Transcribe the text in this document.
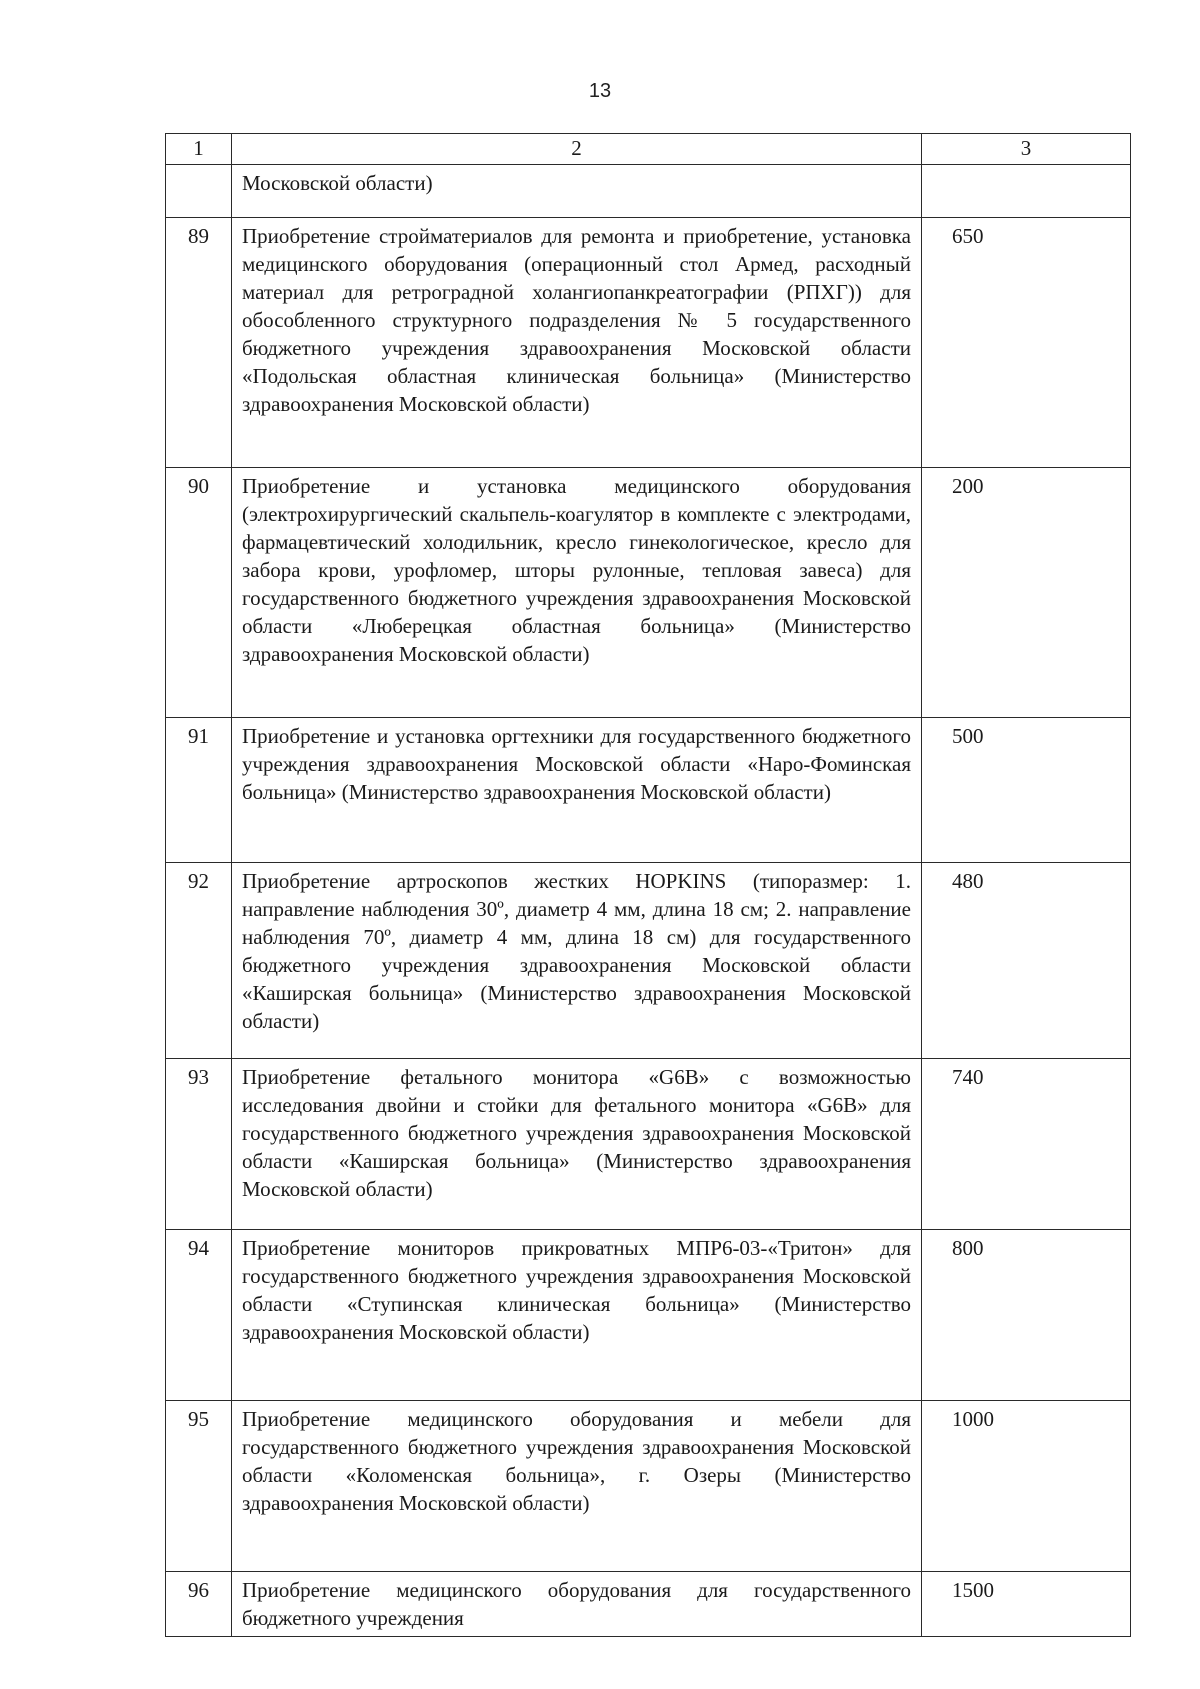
13
1	2	3
	Московской области)	
89	Приобретение стройматериалов для ремонта и приобретение, установка медицинского оборудования (операционный стол Армед, расходный материал для ретроградной холангиопанкреатографии (РПХГ)) для обособленного структурного подразделения № 5 государственного бюджетного учреждения здравоохранения Московской области «Подольская областная клиническая больница» (Министерство здравоохранения Московской области)	650
90	Приобретение и установка медицинского оборудования (электрохирургический скальпель-коагулятор в комплекте с электродами, фармацевтический холодильник, кресло гинекологическое, кресло для забора крови, урофломер, шторы рулонные, тепловая завеса) для государственного бюджетного учреждения здравоохранения Московской области «Люберецкая областная больница» (Министерство здравоохранения Московской области)	200
91	Приобретение и установка оргтехники для государственного бюджетного учреждения здравоохранения Московской области «Наро-Фоминская больница» (Министерство здравоохранения Московской области)	500
92	Приобретение артроскопов жестких HOPKINS (типоразмер: 1. направление наблюдения 30º, диаметр 4 мм, длина 18 см; 2. направление наблюдения 70º, диаметр 4 мм, длина 18 см) для государственного бюджетного учреждения здравоохранения Московской области «Каширская больница» (Министерство здравоохранения Московской области)	480
93	Приобретение фетального монитора «G6B» с возможностью исследования двойни и стойки для фетального монитора «G6B» для государственного бюджетного учреждения здравоохранения Московской области «Каширская больница» (Министерство здравоохранения Московской области)	740
94	Приобретение мониторов прикроватных МПР6-03-«Тритон» для государственного бюджетного учреждения здравоохранения Московской области «Ступинская клиническая больница» (Министерство здравоохранения Московской области)	800
95	Приобретение медицинского оборудования и мебели для государственного бюджетного учреждения здравоохранения Московской области «Коломенская больница», г. Озеры (Министерство здравоохранения Московской области)	1000
96	Приобретение медицинского оборудования для государственного бюджетного учреждения	1500
